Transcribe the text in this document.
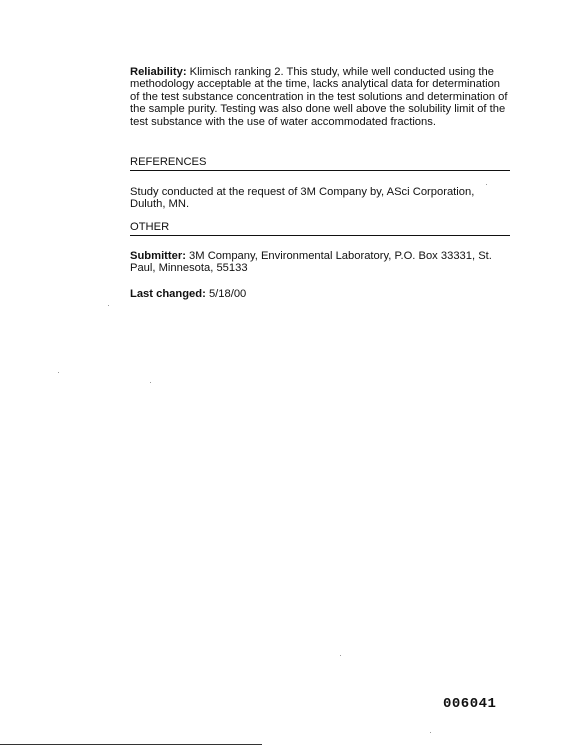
Reliability: Klimisch ranking 2. This study, while well conducted using the methodology acceptable at the time, lacks analytical data for determination of the test substance concentration in the test solutions and determination of the sample purity. Testing was also done well above the solubility limit of the test substance with the use of water accommodated fractions.
REFERENCES
Study conducted at the request of 3M Company by, ASci Corporation, Duluth, MN.
OTHER
Submitter: 3M Company, Environmental Laboratory, P.O. Box 33331, St. Paul, Minnesota, 55133
Last changed: 5/18/00
006041
